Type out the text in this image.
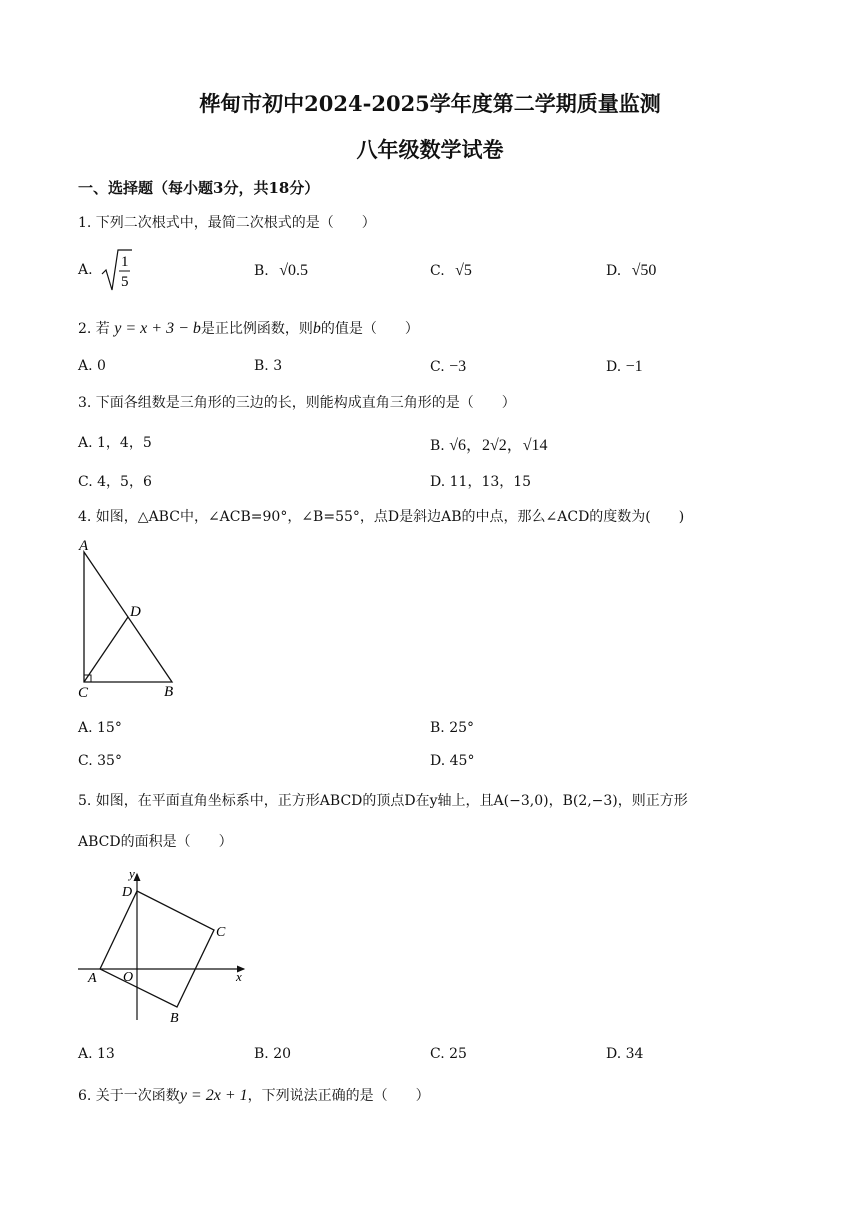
桦甸市初中2024-2025学年度第二学期质量监测
八年级数学试卷
一、选择题（每小题3分，共18分）
1. 下列二次根式中，最简二次根式的是（　　）
A. 1
5
B. √0.5	C. √5	D. √50
2. 若 y = x + 3 − b是正比例函数，则b的值是（　　）
A. 0	B. 3	C. −3	D. −1
3. 下面各组数是三角形的三边的长，则能构成直角三角形的是（　　）
A. 1，4，5	B. √6，2√2，√14
C. 4，5，6	D. 11，13，15
4. 如图，△ABC中，∠ACB=90°，∠B=55°，点D是斜边AB的中点，那么∠ACD的度数为(　　)
A
D
C	B
A. 15°	B. 25°
C. 35°	D. 45°
5. 如图，在平面直角坐标系中，正方形ABCD的顶点D在y轴上，且A(−3,0)，B(2,−3)，则正方形
ABCD的面积是（　　）
y
x
D
C
A O
B
A. 13	B. 20	C. 25	D. 34
6. 关于一次函数y = 2x + 1，下列说法正确的是（　　）
